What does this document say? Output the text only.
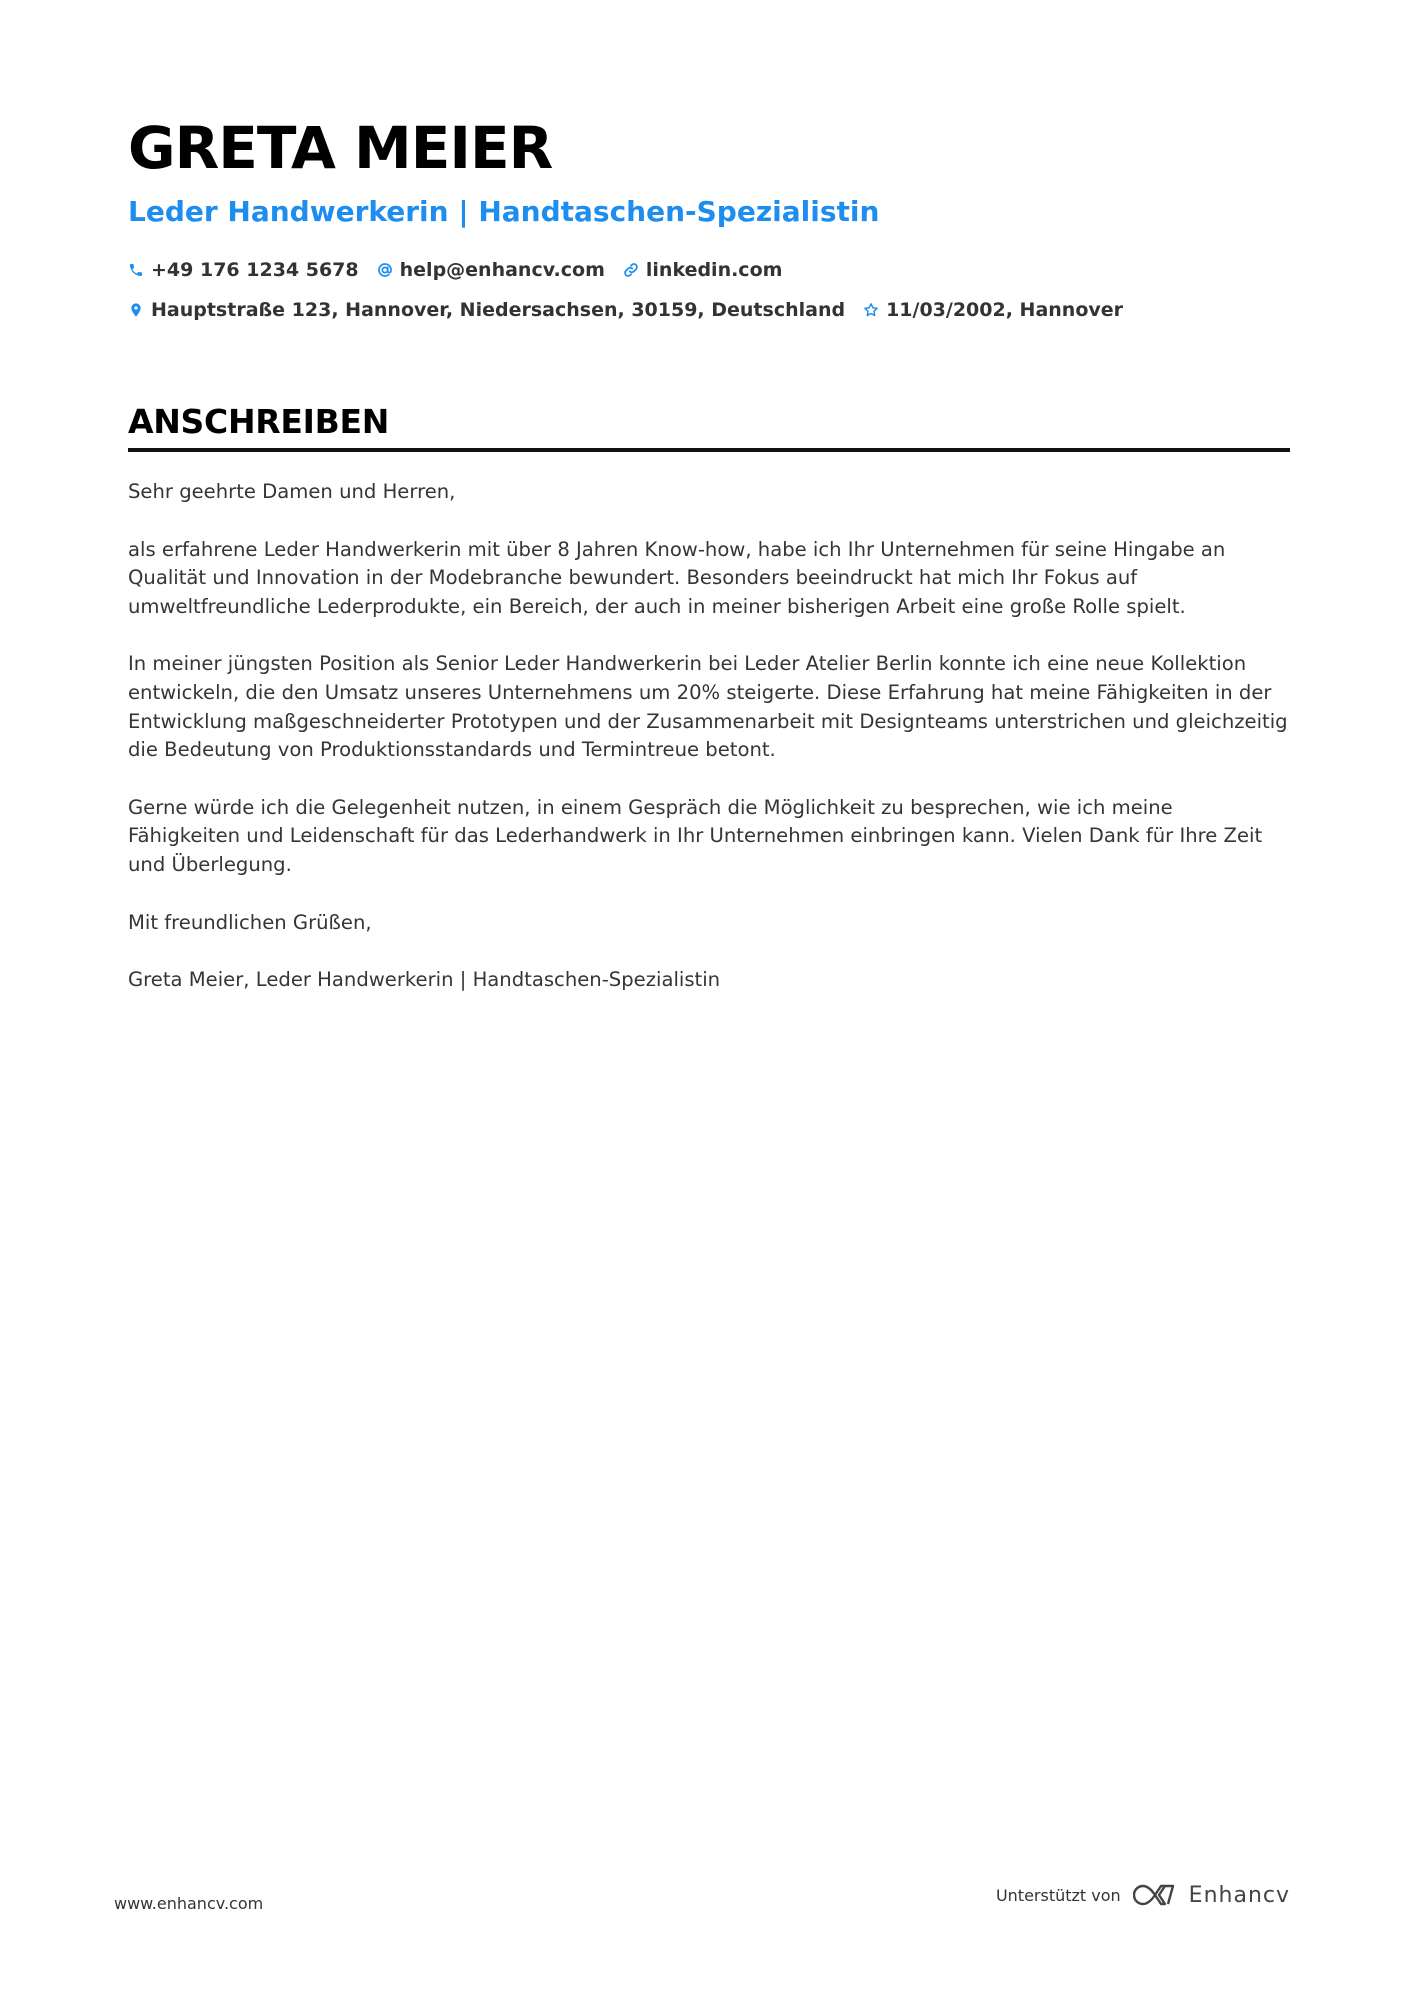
GRETA MEIER
Leder Handwerkerin | Handtaschen-Spezialistin
+49 176 1234 5678 help@enhancv.com linkedin.com
Hauptstraße 123, Hannover, Niedersachsen, 30159, Deutschland 11/03/2002, Hannover
ANSCHREIBEN

Sehr geehrte Damen und Herren,

als erfahrene Leder Handwerkerin mit über 8 Jahren Know-how, habe ich Ihr Unternehmen für seine Hingabe an Qualität und Innovation in der Modebranche bewundert. Besonders beeindruckt hat mich Ihr Fokus auf umweltfreundliche Lederprodukte, ein Bereich, der auch in meiner bisherigen Arbeit eine große Rolle spielt.

In meiner jüngsten Position als Senior Leder Handwerkerin bei Leder Atelier Berlin konnte ich eine neue Kollektion entwickeln, die den Umsatz unseres Unternehmens um 20% steigerte. Diese Erfahrung hat meine Fähigkeiten in der Entwicklung maßgeschneiderter Prototypen und der Zusammenarbeit mit Designteams unterstrichen und gleichzeitig die Bedeutung von Produktionsstandards und Termintreue betont.

Gerne würde ich die Gelegenheit nutzen, in einem Gespräch die Möglichkeit zu besprechen, wie ich meine Fähigkeiten und Leidenschaft für das Lederhandwerk in Ihr Unternehmen einbringen kann. Vielen Dank für Ihre Zeit und Überlegung.

Mit freundlichen Grüßen,

Greta Meier, Leder Handwerkerin | Handtaschen-Spezialistin

www.enhancv.com	Unterstützt von	Enhancv
